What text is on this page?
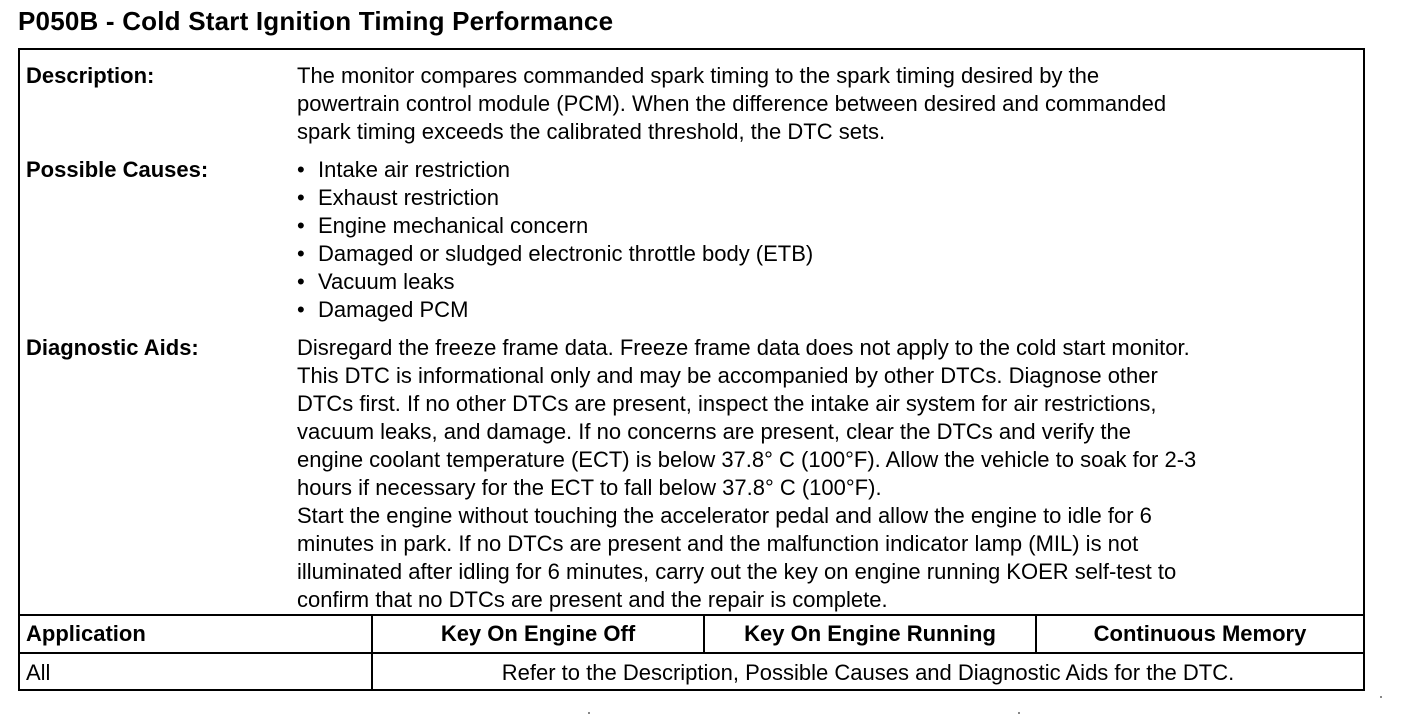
P050B - Cold Start Ignition Timing Performance
Description:	The monitor compares commanded spark timing to the spark timing desired by the

powertrain control module (PCM). When the difference between desired and commanded

spark timing exceeds the calibrated threshold, the DTC sets.

Possible Causes:	• Intake air restriction
• Exhaust restriction
• Engine mechanical concern
• Damaged or sludged electronic throttle body (ETB)
• Vacuum leaks
• Damaged PCM
Diagnostic Aids:	Disregard the freeze frame data. Freeze frame data does not apply to the cold start monitor.

This DTC is informational only and may be accompanied by other DTCs. Diagnose other

DTCs first. If no other DTCs are present, inspect the intake air system for air restrictions,

vacuum leaks, and damage. If no concerns are present, clear the DTCs and verify the

engine coolant temperature (ECT) is below 37.8° C (100°F). Allow the vehicle to soak for 2-3

hours if necessary for the ECT to fall below 37.8° C (100°F).

Start the engine without touching the accelerator pedal and allow the engine to idle for 6

minutes in park. If no DTCs are present and the malfunction indicator lamp (MIL) is not

illuminated after idling for 6 minutes, carry out the key on engine running KOER self-test to

confirm that no DTCs are present and the repair is complete.

Application	Key On Engine Off	Key On Engine Running	Continuous Memory
All	Refer to the Description, Possible Causes and Diagnostic Aids for the DTC.		
